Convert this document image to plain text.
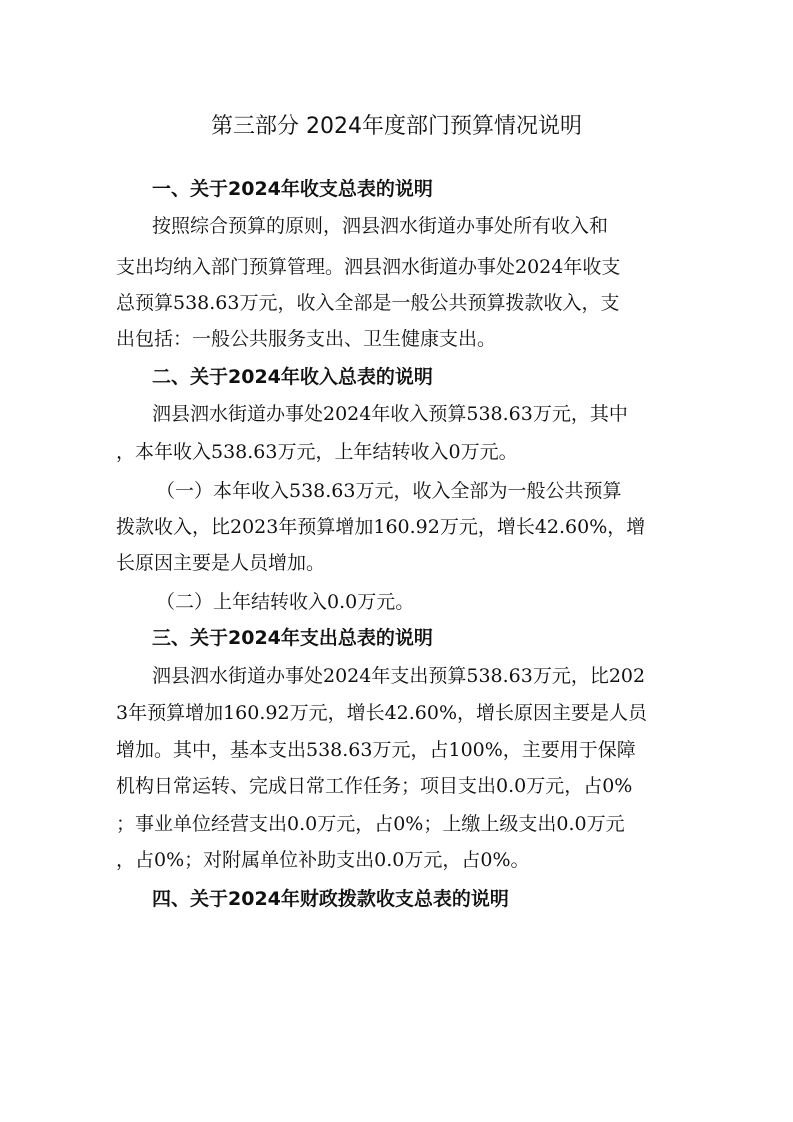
第三部分 2024年度部门预算情况说明
一、关于2024年收支总表的说明

按照综合预算的原则，泗县泗水街道办事处所有收入和

支出均纳入部门预算管理。泗县泗水街道办事处2024年收支

总预算538.63万元，收入全部是一般公共预算拨款收入，支

出包括：一般公共服务支出、卫生健康支出。

二、关于2024年收入总表的说明

泗县泗水街道办事处2024年收入预算538.63万元，其中

，本年收入538.63万元，上年结转收入0万元。

（一）本年收入538.63万元，收入全部为一般公共预算

拨款收入，比2023年预算增加160.92万元，增长42.60%，增

长原因主要是人员增加。

（二）上年结转收入0.0万元。

三、关于2024年支出总表的说明

泗县泗水街道办事处2024年支出预算538.63万元，比202

3年预算增加160.92万元，增长42.60%，增长原因主要是人员

增加。其中，基本支出538.63万元，占100%，主要用于保障

机构日常运转、完成日常工作任务；项目支出0.0万元，占0%

；事业单位经营支出0.0万元，占0%；上缴上级支出0.0万元

，占0%；对附属单位补助支出0.0万元，占0%。

四、关于2024年财政拨款收支总表的说明
